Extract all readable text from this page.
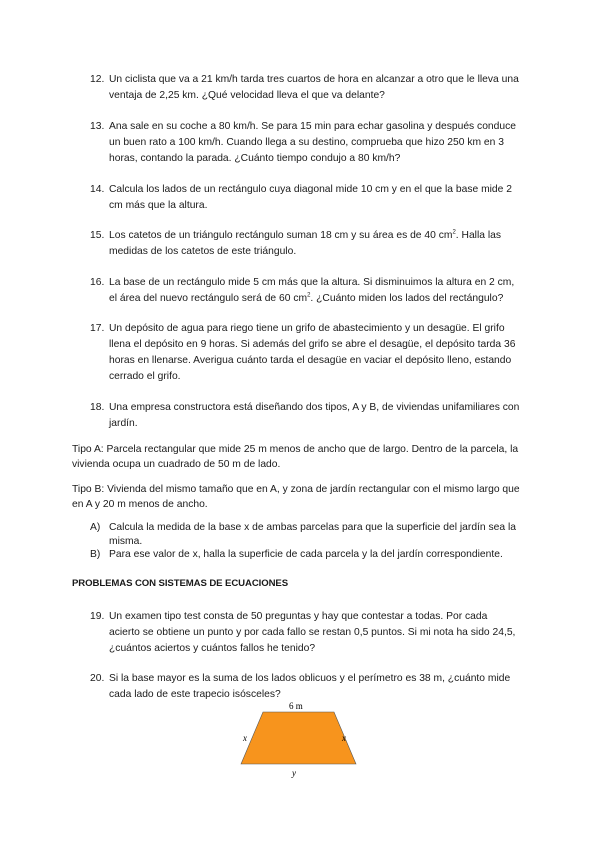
12. Un ciclista que va a 21 km/h tarda tres cuartos de hora en alcanzar a otro que le lleva una ventaja de 2,25 km. ¿Qué velocidad lleva el que va delante?
13. Ana sale en su coche a 80 km/h. Se para 15 min para echar gasolina y después conduce un buen rato a 100 km/h. Cuando llega a su destino, comprueba que hizo 250 km en 3 horas, contando la parada. ¿Cuánto tiempo condujo a 80 km/h?
14. Calcula los lados de un rectángulo cuya diagonal mide 10 cm y en el que la base mide 2 cm más que la altura.
15. Los catetos de un triángulo rectángulo suman 18 cm y su área es de 40 $cm^2$. Halla las medidas de los catetos de este triángulo.
16. La base de un rectángulo mide 5 cm más que la altura. Si disminuimos la altura en 2 cm, el área del nuevo rectángulo será de 60 $cm^2$. ¿Cuánto miden los lados del rectángulo?
17. Un depósito de agua para riego tiene un grifo de abastecimiento y un desagüe. El grifo llena el depósito en 9 horas. Si además del grifo se abre el desagüe, el depósito tarda 36 horas en llenarse. Averigua cuánto tarda el desagüe en vaciar el depósito lleno, estando cerrado el grifo.
18. Una empresa constructora está diseñando dos tipos, A y B, de viviendas unifamiliares con jardín.
Tipo A: Parcela rectangular que mide 25 m menos de ancho que de largo. Dentro de la parcela, la vivienda ocupa un cuadrado de 50 m de lado.
Tipo B: Vivienda del mismo tamaño que en A, y zona de jardín rectangular con el mismo largo que en A y 20 m menos de ancho.
A) Calcula la medida de la base x de ambas parcelas para que la superficie del jardín sea la misma.
B) Para ese valor de x, halla la superficie de cada parcela y la del jardín correspondiente.
PROBLEMAS CON SISTEMAS DE ECUACIONES
19. Un examen tipo test consta de 50 preguntas y hay que contestar a todas. Por cada acierto se obtiene un punto y por cada fallo se restan 0,5 puntos. Si mi nota ha sido 24,5, ¿cuántos aciertos y cuántos fallos he tenido?
20. Si la base mayor es la suma de los lados oblicuos y el perímetro es 38 m, ¿cuánto mide cada lado de este trapecio isósceles?
6 m
x	x
y
